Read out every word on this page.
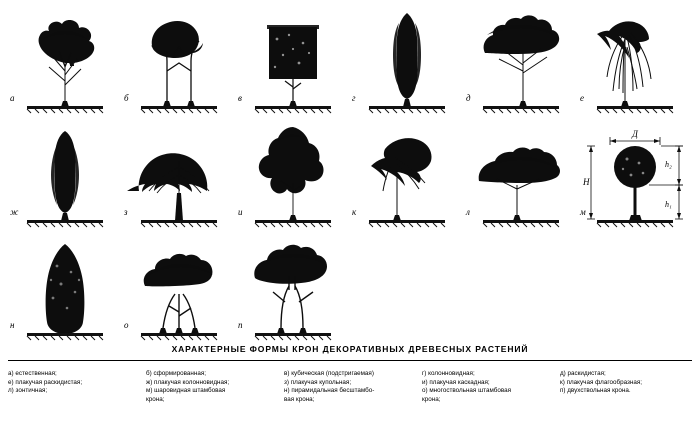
а	б	в	г	д	е
ж	з	и	к	л
Д
H
h₂
h₁
м
н	о	п
ХАРАКТЕРНЫЕ ФОРМЫ КРОН ДЕКОРАТИВНЫХ ДРЕВЕСНЫХ РАСТЕНИЙ
а) естественная;
е) плакучая раскидистая;
л) зонтичная;
б) сформированная;
ж) плакучая колонновидная;
м) шаровидная штамбовая
крона;
в) кубическая (подстригаемая)
з) плакучая купольная;
н) пирамидальная бесштамбо-
вая крона;
г) колонновидная;
и) плакучая каскадная;
о) многоствольная штамбовая
крона;
д) раскидистая;
к) плакучая флагообразная;
п) двухствольная крона.
